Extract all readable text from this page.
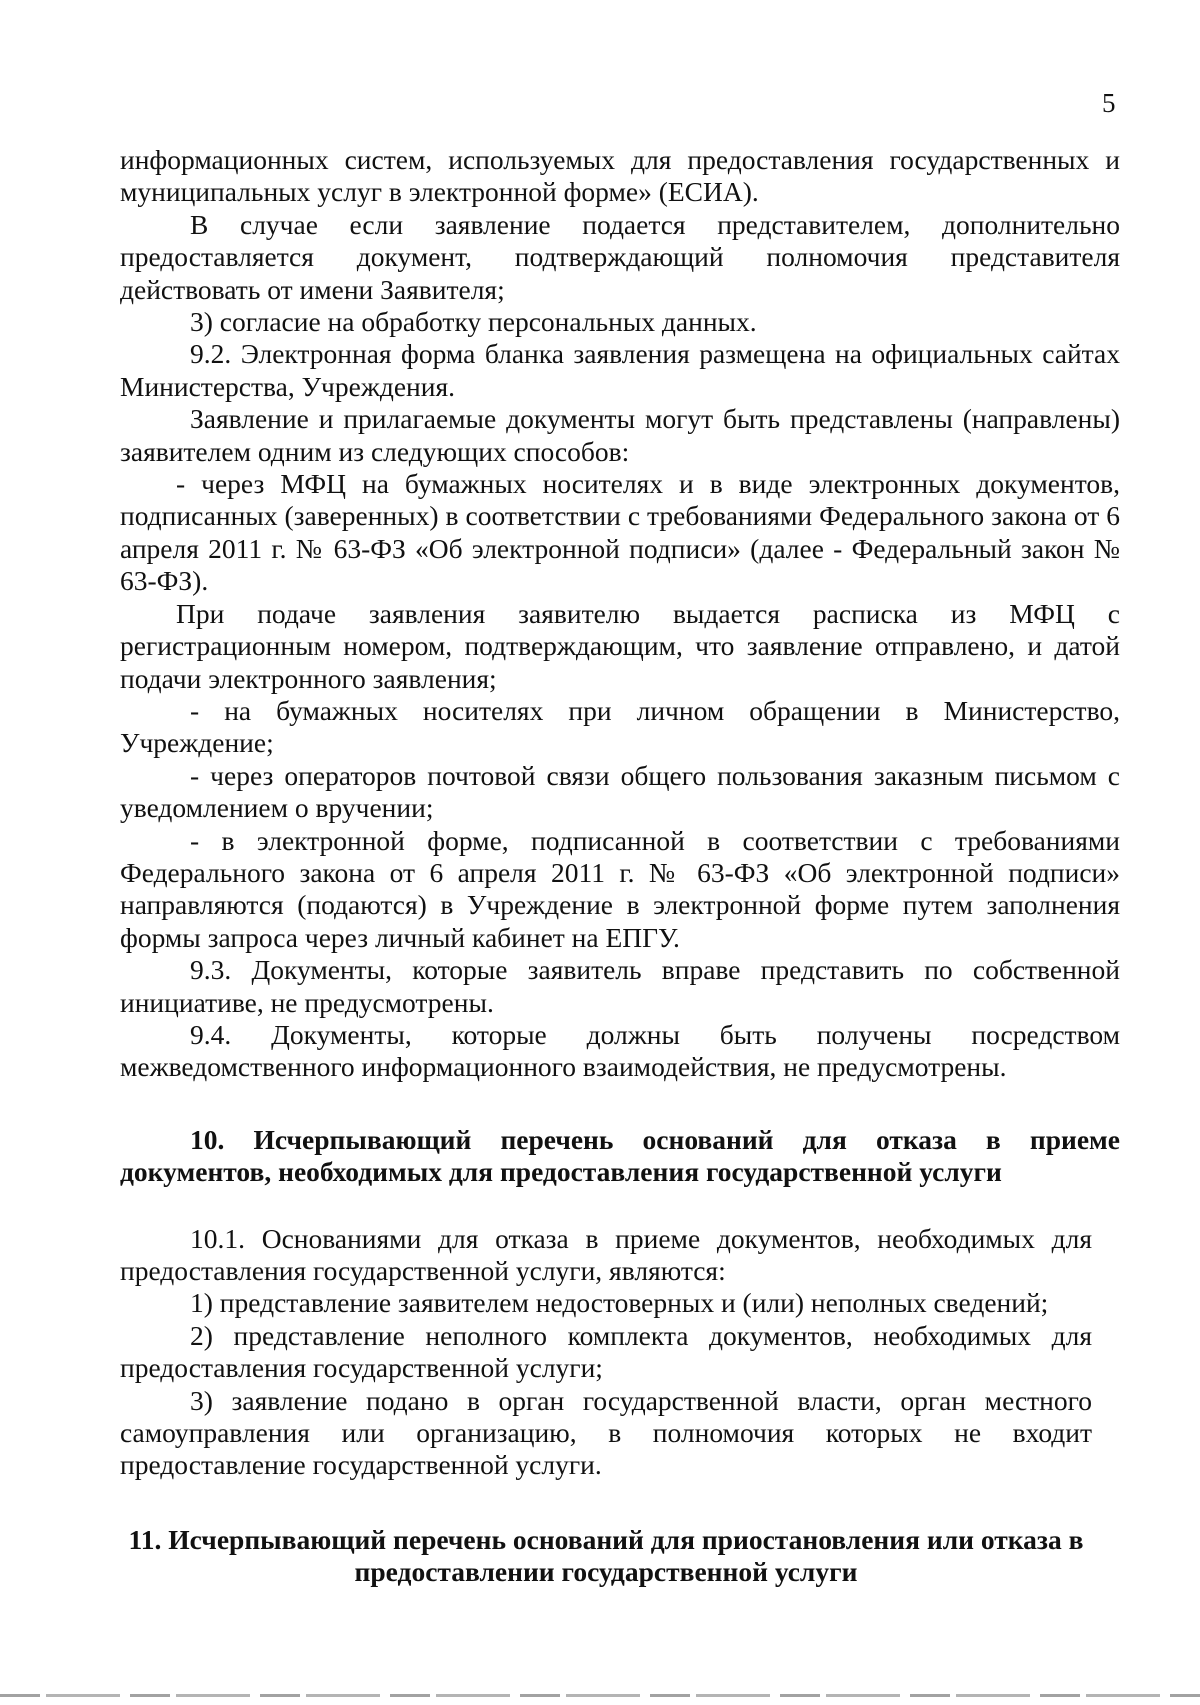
5

информационных систем, используемых для предоставления государственных и муниципальных услуг в электронной форме» (ЕСИА).

В случае если заявление подается представителем, дополнительно предоставляется документ, подтверждающий полномочия представителя действовать от имени Заявителя;

3) согласие на обработку персональных данных.

9.2. Электронная форма бланка заявления размещена на официальных сайтах Министерства, Учреждения.

Заявление и прилагаемые документы могут быть представлены (направлены) заявителем одним из следующих способов:

- через МФЦ на бумажных носителях и в виде электронных документов, подписанных (заверенных) в соответствии с требованиями Федерального закона от 6 апреля 2011 г. № 63-ФЗ «Об электронной подписи» (далее - Федеральный закон № 63-ФЗ).

При подаче заявления заявителю выдается расписка из МФЦ с регистрационным номером, подтверждающим, что заявление отправлено, и датой подачи электронного заявления;

- на бумажных носителях при личном обращении в Министерство, Учреждение;

- через операторов почтовой связи общего пользования заказным письмом с уведомлением о вручении;

- в электронной форме, подписанной в соответствии с требованиями Федерального закона от 6 апреля 2011 г. № 63-ФЗ «Об электронной подписи» направляются (подаются) в Учреждение в электронной форме путем заполнения формы запроса через личный кабинет на ЕПГУ.

9.3. Документы, которые заявитель вправе представить по собственной инициативе, не предусмотрены.

9.4. Документы, которые должны быть получены посредством межведомственного информационного взаимодействия, не предусмотрены.

10. Исчерпывающий перечень оснований для отказа в приеме документов, необходимых для предоставления государственной услуги

10.1. Основаниями для отказа в приеме документов, необходимых для предоставления государственной услуги, являются:

1) представление заявителем недостоверных и (или) неполных сведений;

2) представление неполного комплекта документов, необходимых для предоставления государственной услуги;

3) заявление подано в орган государственной власти, орган местного самоуправления или организацию, в полномочия которых не входит предоставление государственной услуги.

11. Исчерпывающий перечень оснований для приостановления или отказа в предоставлении государственной услуги
